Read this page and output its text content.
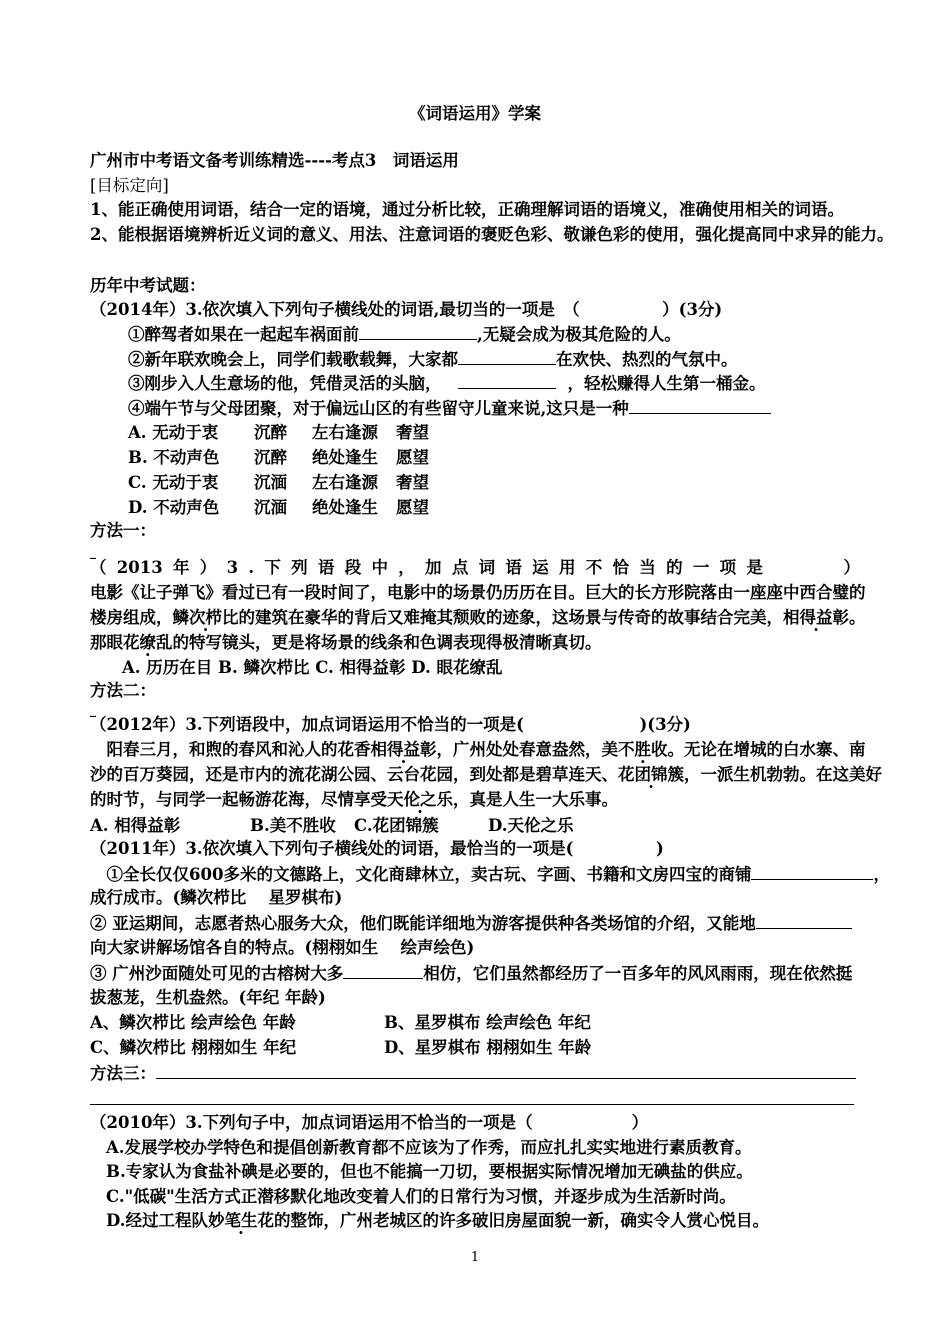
《词语运用》学案
广州市中考语文备考训练精选----考点3　词语运用
[目标定向]
1、能正确使用词语，结合一定的语境，通过分析比较，正确理解词语的语境义，准确使用相关的词语。
2、能根据语境辨析近义词的意义、用法、注意词语的褒贬色彩、敬谦色彩的使用，强化提高同中求异的能力。
历年中考试题：
（2014年）3.依次填入下列句子横线处的词语,最切当的一项是　（　　　　　）(3分)
①醉驾者如果在一起起车祸面前	,无疑会成为极其危险的人。
②新年联欢晚会上，同学们载歌载舞，大家都	在欢快、热烈的气氛中。
③刚步入人生意场的他，凭借灵活的头脑，	，轻松赚得人生第一桶金。
④端午节与父母团聚，对于偏远山区的有些留守儿童来说,这只是一种
A. 无动于衷 沉醉 左右逢源 奢望
B. 不动声色 沉醉 绝处逢生 愿望
C. 无动于衷 沉湎 左右逢源 奢望
D. 不动声色 沉湎 绝处逢生 愿望
方法一：
_
（ 2013 年 ） 3 . 下 列 语 段 中 ， 加 点 词 语 运 用 不 恰 当 的 一 项 是	）
电影《让子弹飞》看过已有一段时间了，电影中的场景仍历历在目。巨大的长方形院落由一座座中西合璧的
楼房组成，鳞次栉比的建筑在豪华的背后又难掩其颓败的迹象，这场景与传奇的故事结合完美，相得益彰。
那眼花缭乱的特写镜头，更是将场景的线条和色调表现得极清晰真切。
A. 历历在目 B. 鳞次栉比 C. 相得益彰 D. 眼花缭乱
方法二：
_
（2012年）3.下列语段中，加点词语运用不恰当的一项是(　　　　　　　)(3分)
　阳春三月，和煦的春风和沁人的花香相得益彰，广州处处春意盎然，美不胜收。无论在增城的白水寨、南
沙的百万葵园，还是市内的流花湖公园、云台花园，到处都是碧草连天、花团锦簇，一派生机勃勃。在这美好
的时节，与同学一起畅游花海，尽情享受天伦之乐，真是人生一大乐事。
A. 相得益彰	B.美不胜收 C.花团锦簇	D.天伦之乐
（2011年）3.依次填入下列句子横线处的词语，最恰当的一项是(　　　　　)
　①全长仅仅600多米的文德路上，文化商肆林立，卖古玩、字画、书籍和文房四宝的商铺	，
成行成市。(鳞次栉比　 星罗棋布)
② 亚运期间，志愿者热心服务大众，他们既能详细地为游客提供种各类场馆的介绍，又能地
向大家讲解场馆各自的特点。(栩栩如生　 绘声绘色)
③ 广州沙面随处可见的古榕树大多	相仿，它们虽然都经历了一百多年的风风雨雨，现在依然挺
拔葱茏，生机盎然。(年纪 年龄)
A、鳞次栉比 绘声绘色 年龄	B、星罗棋布 绘声绘色 年纪
C、鳞次栉比 栩栩如生 年纪	D、星罗棋布 栩栩如生 年龄
方法三：
（2010年）3.下列句子中，加点词语运用不恰当的一项是（　　　　　　）
A.发展学校办学特色和提倡创新教育都不应该为了作秀，而应扎扎实实地进行素质教育。
B.专家认为食盐补碘是必要的，但也不能搞一刀切，要根据实际情况增加无碘盐的供应。
C."低碳"生活方式正潜移默化地改变着人们的日常行为习惯，并逐步成为生活新时尚。
D.经过工程队妙笔生花的整饰，广州老城区的许多破旧房屋面貌一新，确实令人赏心悦目。
1
